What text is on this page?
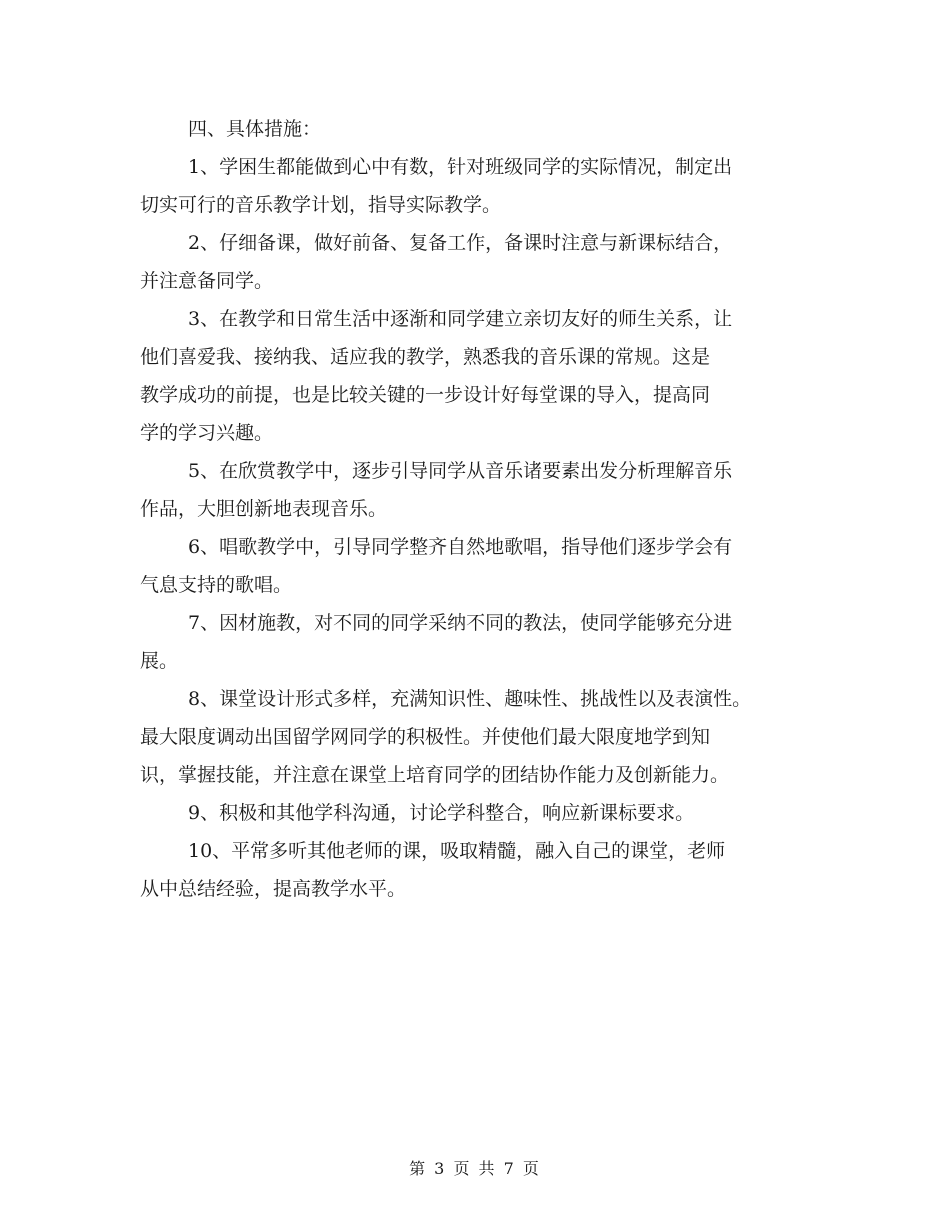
四、具体措施：

1、学困生都能做到心中有数，针对班级同学的实际情况，制定出
切实可行的音乐教学计划，指导实际教学。

2、仔细备课，做好前备、复备工作，备课时注意与新课标结合，
并注意备同学。

3、在教学和日常生活中逐渐和同学建立亲切友好的师生关系，让
他们喜爱我、接纳我、适应我的教学，熟悉我的音乐课的常规。这是
教学成功的前提，也是比较关键的一步设计好每堂课的导入，提高同
学的学习兴趣。

5、在欣赏教学中，逐步引导同学从音乐诸要素出发分析理解音乐
作品，大胆创新地表现音乐。

6、唱歌教学中，引导同学整齐自然地歌唱，指导他们逐步学会有
气息支持的歌唱。

7、因材施教，对不同的同学采纳不同的教法，使同学能够充分进
展。

8、课堂设计形式多样，充满知识性、趣味性、挑战性以及表演性。
最大限度调动出国留学网同学的积极性。并使他们最大限度地学到知
识，掌握技能，并注意在课堂上培育同学的团结协作能力及创新能力。

9、积极和其他学科沟通，讨论学科整合，响应新课标要求。

10、平常多听其他老师的课，吸取精髓，融入自己的课堂，老师
从中总结经验，提高教学水平。

第 3 页 共 7 页
